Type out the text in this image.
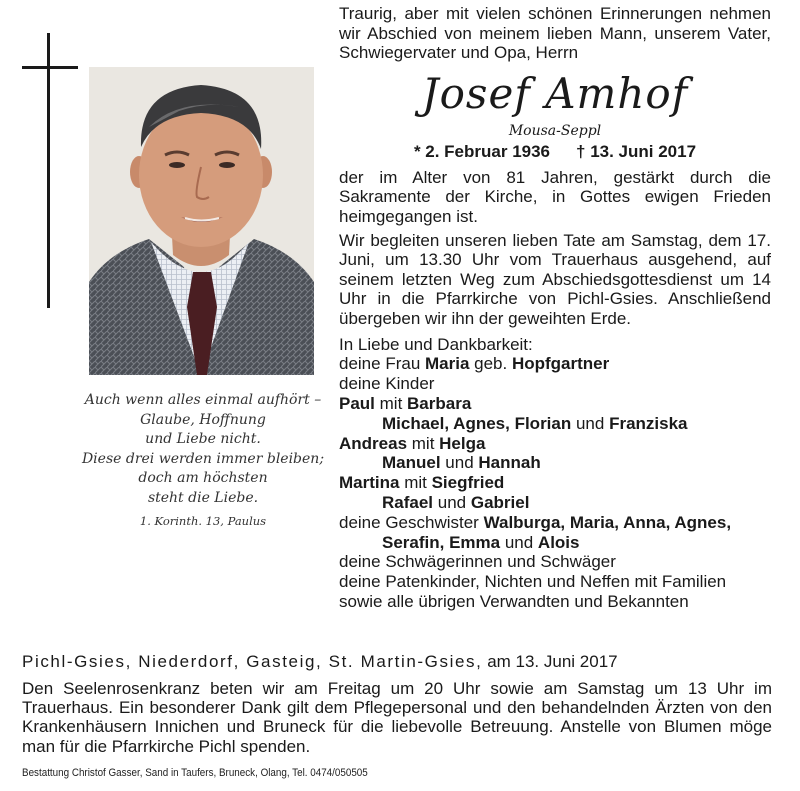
Auch wenn alles einmal aufhört –
Glaube, Hoffnung
und Liebe nicht.
Diese drei werden immer bleiben;
doch am höchsten
steht die Liebe.
1. Korinth. 13, Paulus

Traurig, aber mit vielen schönen Erinnerungen nehmen wir Abschied von meinem lieben Mann, unserem Vater, Schwiegervater und Opa, Herrn

Josef Amhof
Mousa-Seppl
* 2. Februar 1936 † 13. Juni 2017

der im Alter von 81 Jahren, gestärkt durch die Sakramente der Kirche, in Gottes ewigen Frieden heimgegangen ist.

Wir begleiten unseren lieben Tate am Samstag, dem 17. Juni, um 13.30 Uhr vom Trauerhaus ausgehend, auf seinem letzten Weg zum Abschiedsgottesdienst um 14 Uhr in die Pfarrkirche von Pichl-Gsies. Anschließend übergeben wir ihn der geweihten Erde.

In Liebe und Dankbarkeit:
deine Frau Maria geb. Hopfgartner
deine Kinder
Paul mit Barbara
Michael, Agnes, Florian und Franziska
Andreas mit Helga
Manuel und Hannah
Martina mit Siegfried
Rafael und Gabriel
deine Geschwister Walburga, Maria, Anna, Agnes,
Serafin, Emma und Alois
deine Schwägerinnen und Schwäger
deine Patenkinder, Nichten und Neffen mit Familien
sowie alle übrigen Verwandten und Bekannten
Pichl-Gsies, Niederdorf, Gasteig, St. Martin-Gsies, am 13. Juni 2017

Den Seelenrosenkranz beten wir am Freitag um 20 Uhr sowie am Samstag um 13 Uhr im Trauerhaus. Ein besonderer Dank gilt dem Pflegepersonal und den behandelnden Ärzten von den Krankenhäusern Innichen und Bruneck für die liebevolle Betreuung. Anstelle von Blumen möge man für die Pfarrkirche Pichl spenden.

Bestattung Christof Gasser, Sand in Taufers, Bruneck, Olang, Tel. 0474/050505
